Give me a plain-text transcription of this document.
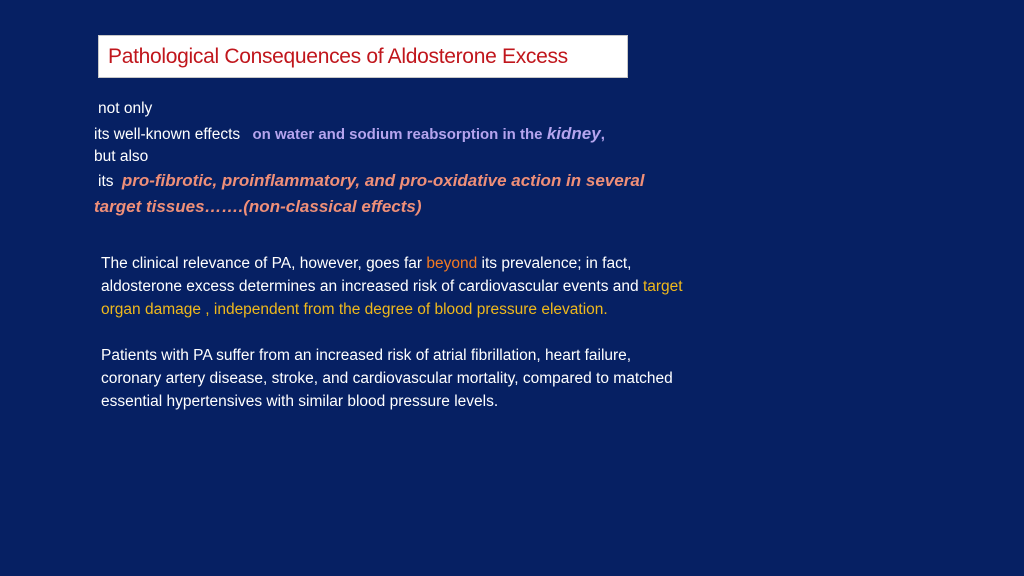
Pathological Consequences of Aldosterone Excess
not only
its well-known effects on water and sodium reabsorption in the kidney,
but also
its pro-fibrotic, proinflammatory, and pro-oxidative action in several
target tissues…….(non-classical effects)
The clinical relevance of PA, however, goes far beyond its prevalence; in fact,
aldosterone excess determines an increased risk of cardiovascular events and target
organ damage , independent from the degree of blood pressure elevation.
Patients with PA suffer from an increased risk of atrial fibrillation, heart failure,
coronary artery disease, stroke, and cardiovascular mortality, compared to matched
essential hypertensives with similar blood pressure levels.
